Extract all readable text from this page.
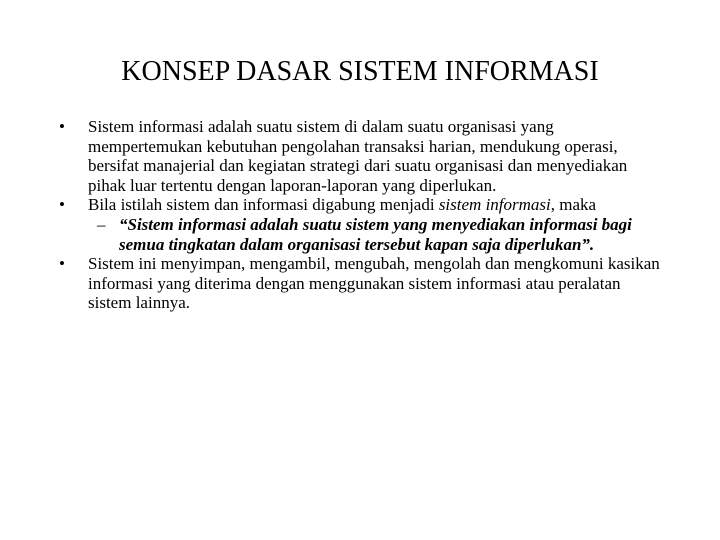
KONSEP DASAR SISTEM INFORMASI

• Sistem informasi adalah suatu sistem di dalam suatu organisasi yang mempertemukan kebutuhan pengolahan transaksi harian, mendukung operasi, bersifat manajerial dan kegiatan strategi dari suatu organisasi dan menyediakan pihak luar tertentu dengan laporan-laporan yang diperlukan.

• Bila istilah sistem dan informasi digabung menjadi sistem informasi, maka

– “Sistem informasi adalah suatu sistem yang menyediakan informasi bagi semua tingkatan dalam organisasi tersebut kapan saja diperlukan”.

• Sistem ini menyimpan, mengambil, mengubah, mengolah dan mengkomuni kasikan informasi yang diterima dengan menggunakan sistem informasi atau peralatan sistem lainnya.
